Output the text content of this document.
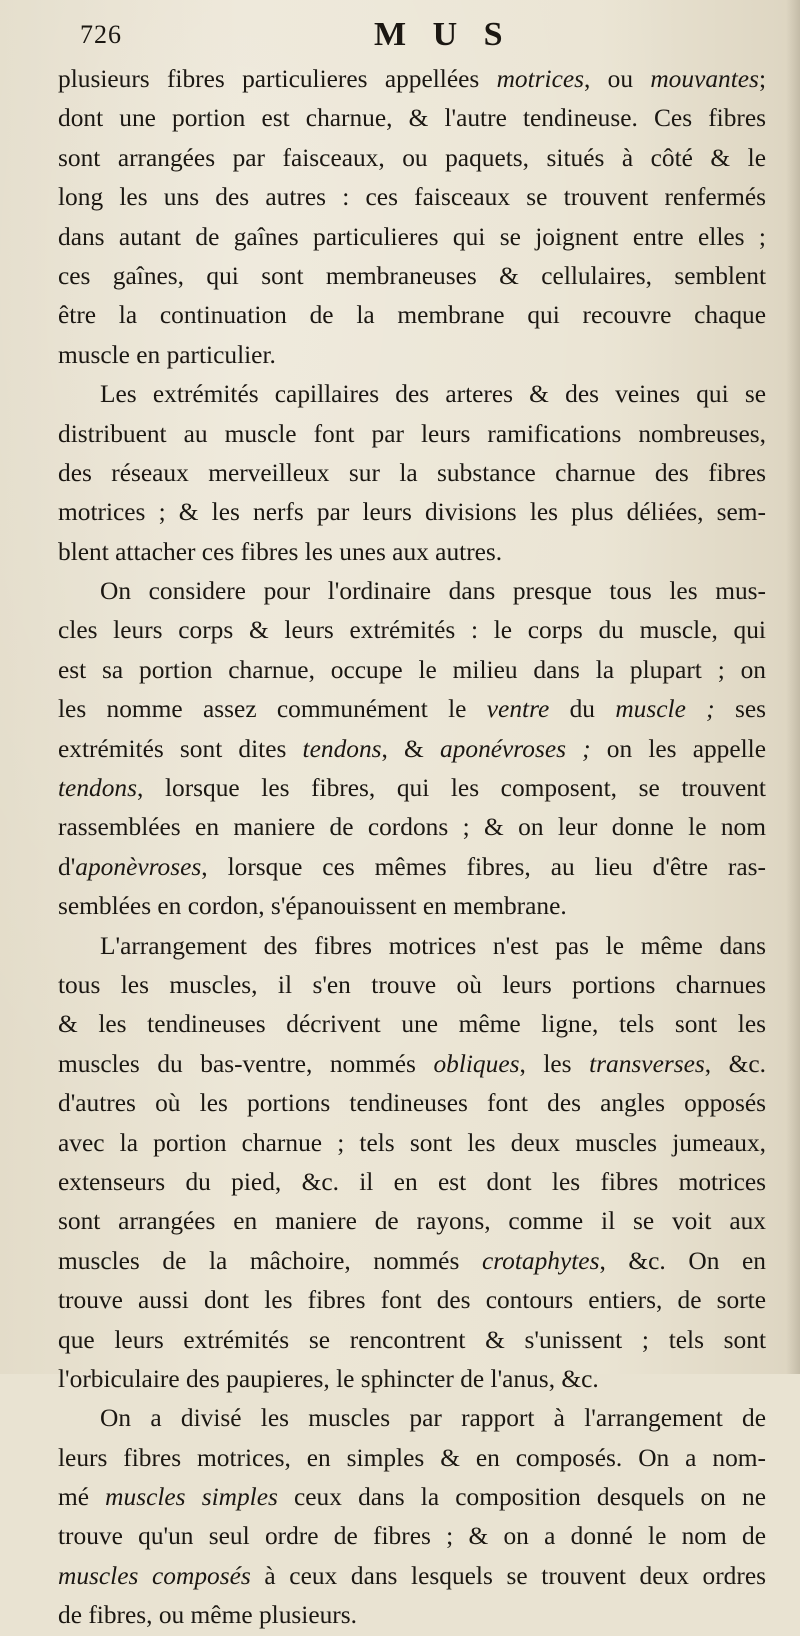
726	M U S
plusieurs fibres particulieres appellées motrices, ou mouvantes;
dont une portion est charnue, & l'autre tendineuse. Ces fibres
sont arrangées par faisceaux, ou paquets, situés à côté & le
long les uns des autres : ces faisceaux se trouvent renfermés
dans autant de gaînes particulieres qui se joignent entre elles ;
ces gaînes, qui sont membraneuses & cellulaires, semblent
être la continuation de la membrane qui recouvre chaque
muscle en particulier.
Les extrémités capillaires des arteres & des veines qui se
distribuent au muscle font par leurs ramifications nombreuses,
des réseaux merveilleux sur la substance charnue des fibres
motrices ; & les nerfs par leurs divisions les plus déliées, sem-
blent attacher ces fibres les unes aux autres.
On considere pour l'ordinaire dans presque tous les mus-
cles leurs corps & leurs extrémités : le corps du muscle, qui
est sa portion charnue, occupe le milieu dans la plupart ; on
les nomme assez communément le ventre du muscle ; ses
extrémités sont dites tendons, & aponévroses ; on les appelle
tendons, lorsque les fibres, qui les composent, se trouvent
rassemblées en maniere de cordons ; & on leur donne le nom
d'aponèvroses, lorsque ces mêmes fibres, au lieu d'être ras-
semblées en cordon, s'épanouissent en membrane.
L'arrangement des fibres motrices n'est pas le même dans
tous les muscles, il s'en trouve où leurs portions charnues
& les tendineuses décrivent une même ligne, tels sont les
muscles du bas-ventre, nommés obliques, les transverses, &c.
d'autres où les portions tendineuses font des angles opposés
avec la portion charnue ; tels sont les deux muscles jumeaux,
extenseurs du pied, &c. il en est dont les fibres motrices
sont arrangées en maniere de rayons, comme il se voit aux
muscles de la mâchoire, nommés crotaphytes, &c. On en
trouve aussi dont les fibres font des contours entiers, de sorte
que leurs extrémités se rencontrent & s'unissent ; tels sont
l'orbiculaire des paupieres, le sphincter de l'anus, &c.
On a divisé les muscles par rapport à l'arrangement de
leurs fibres motrices, en simples & en composés. On a nom-
mé muscles simples ceux dans la composition desquels on ne
trouve qu'un seul ordre de fibres ; & on a donné le nom de
muscles composés à ceux dans lesquels se trouvent deux ordres
de fibres, ou même plusieurs.
